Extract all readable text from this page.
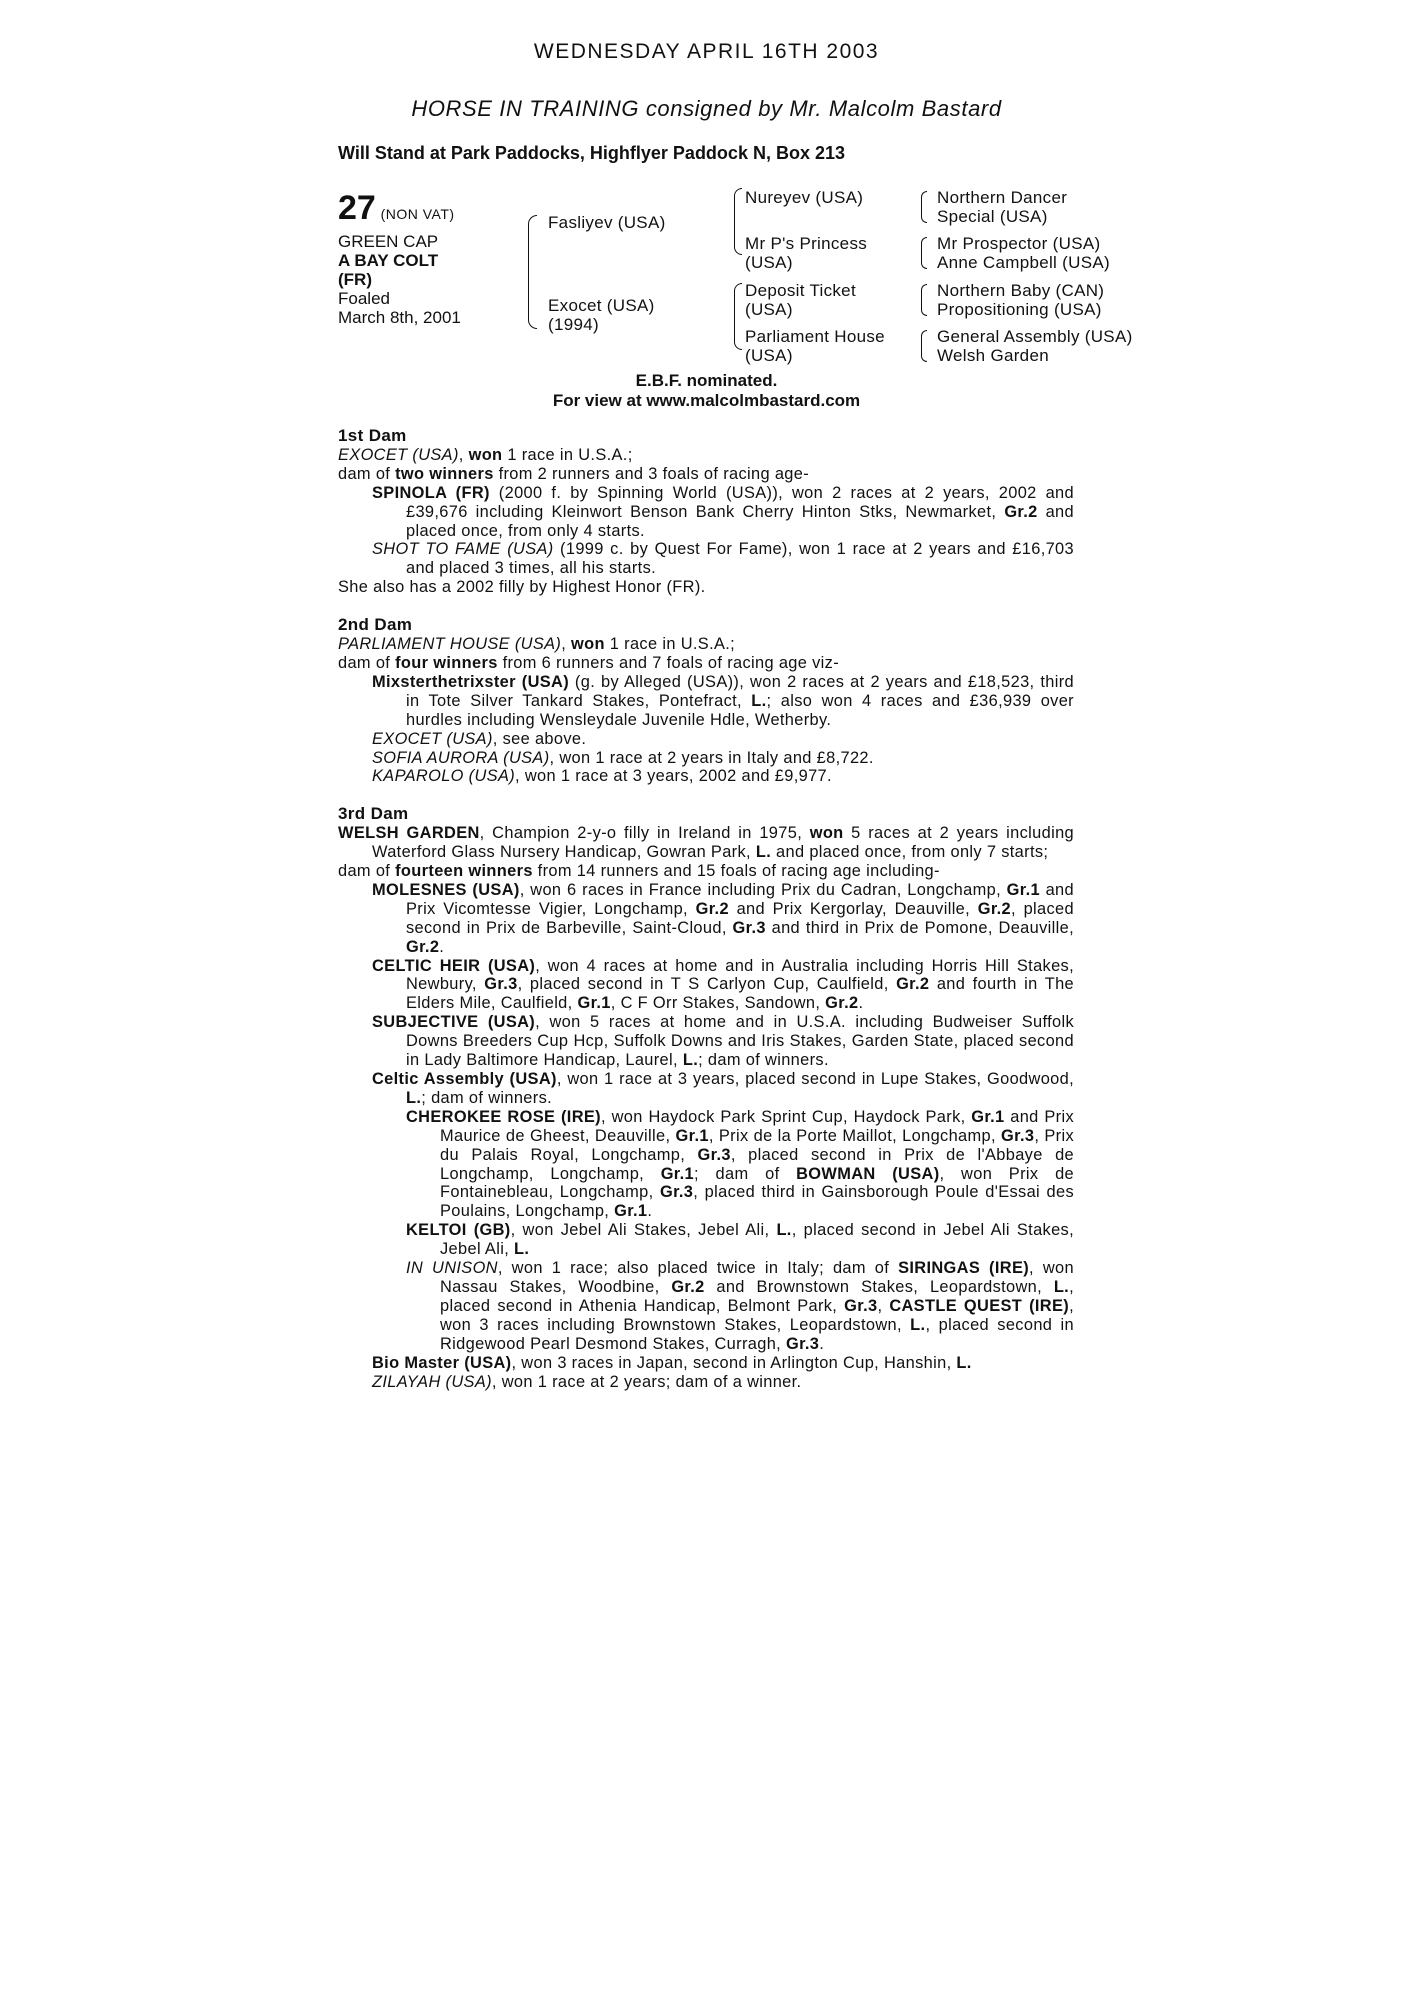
WEDNESDAY APRIL 16TH 2003
HORSE IN TRAINING consigned by Mr. Malcolm Bastard
Will Stand at Park Paddocks, Highflyer Paddock N, Box 213
27 (NON VAT)
GREEN CAP
A BAY COLT
(FR)
Foaled
March 8th, 2001
Fasliyev (USA)
Exocet (USA)
(1994)
Nureyev (USA)
Mr P's Princess
(USA)
Deposit Ticket
(USA)
Parliament House
(USA)
Northern Dancer
Special (USA)
Mr Prospector (USA)
Anne Campbell (USA)
Northern Baby (CAN)
Propositioning (USA)
General Assembly (USA)
Welsh Garden
E.B.F. nominated.
For view at www.malcolmbastard.com
1st Dam

EXOCET (USA), won 1 race in U.S.A.;

dam of two winners from 2 runners and 3 foals of racing age-

SPINOLA (FR) (2000 f. by Spinning World (USA)), won 2 races at 2 years, 2002 and £39,676 including Kleinwort Benson Bank Cherry Hinton Stks, Newmarket, Gr.2 and placed once, from only 4 starts.

SHOT TO FAME (USA) (1999 c. by Quest For Fame), won 1 race at 2 years and £16,703 and placed 3 times, all his starts.

She also has a 2002 filly by Highest Honor (FR).

2nd Dam

PARLIAMENT HOUSE (USA), won 1 race in U.S.A.;

dam of four winners from 6 runners and 7 foals of racing age viz-

Mixsterthetrixster (USA) (g. by Alleged (USA)), won 2 races at 2 years and £18,523, third in Tote Silver Tankard Stakes, Pontefract, L.; also won 4 races and £36,939 over hurdles including Wensleydale Juvenile Hdle, Wetherby.

EXOCET (USA), see above.

SOFIA AURORA (USA), won 1 race at 2 years in Italy and £8,722.

KAPAROLO (USA), won 1 race at 3 years, 2002 and £9,977.

3rd Dam

WELSH GARDEN, Champion 2-y-o filly in Ireland in 1975, won 5 races at 2 years including Waterford Glass Nursery Handicap, Gowran Park, L. and placed once, from only 7 starts;

dam of fourteen winners from 14 runners and 15 foals of racing age including-

MOLESNES (USA), won 6 races in France including Prix du Cadran, Longchamp, Gr.1 and Prix Vicomtesse Vigier, Longchamp, Gr.2 and Prix Kergorlay, Deauville, Gr.2, placed second in Prix de Barbeville, Saint-Cloud, Gr.3 and third in Prix de Pomone, Deauville, Gr.2.

CELTIC HEIR (USA), won 4 races at home and in Australia including Horris Hill Stakes, Newbury, Gr.3, placed second in T S Carlyon Cup, Caulfield, Gr.2 and fourth in The Elders Mile, Caulfield, Gr.1, C F Orr Stakes, Sandown, Gr.2.

SUBJECTIVE (USA), won 5 races at home and in U.S.A. including Budweiser Suffolk Downs Breeders Cup Hcp, Suffolk Downs and Iris Stakes, Garden State, placed second in Lady Baltimore Handicap, Laurel, L.; dam of winners.

Celtic Assembly (USA), won 1 race at 3 years, placed second in Lupe Stakes, Goodwood, L.; dam of winners.

CHEROKEE ROSE (IRE), won Haydock Park Sprint Cup, Haydock Park, Gr.1 and Prix Maurice de Gheest, Deauville, Gr.1, Prix de la Porte Maillot, Longchamp, Gr.3, Prix du Palais Royal, Longchamp, Gr.3, placed second in Prix de l'Abbaye de Longchamp, Longchamp, Gr.1; dam of BOWMAN (USA), won Prix de Fontainebleau, Longchamp, Gr.3, placed third in Gainsborough Poule d'Essai des Poulains, Longchamp, Gr.1.

KELTOI (GB), won Jebel Ali Stakes, Jebel Ali, L., placed second in Jebel Ali Stakes, Jebel Ali, L.

IN UNISON, won 1 race; also placed twice in Italy; dam of SIRINGAS (IRE), won Nassau Stakes, Woodbine, Gr.2 and Brownstown Stakes, Leopardstown, L., placed second in Athenia Handicap, Belmont Park, Gr.3, CASTLE QUEST (IRE), won 3 races including Brownstown Stakes, Leopardstown, L., placed second in Ridgewood Pearl Desmond Stakes, Curragh, Gr.3.

Bio Master (USA), won 3 races in Japan, second in Arlington Cup, Hanshin, L.

ZILAYAH (USA), won 1 race at 2 years; dam of a winner.
